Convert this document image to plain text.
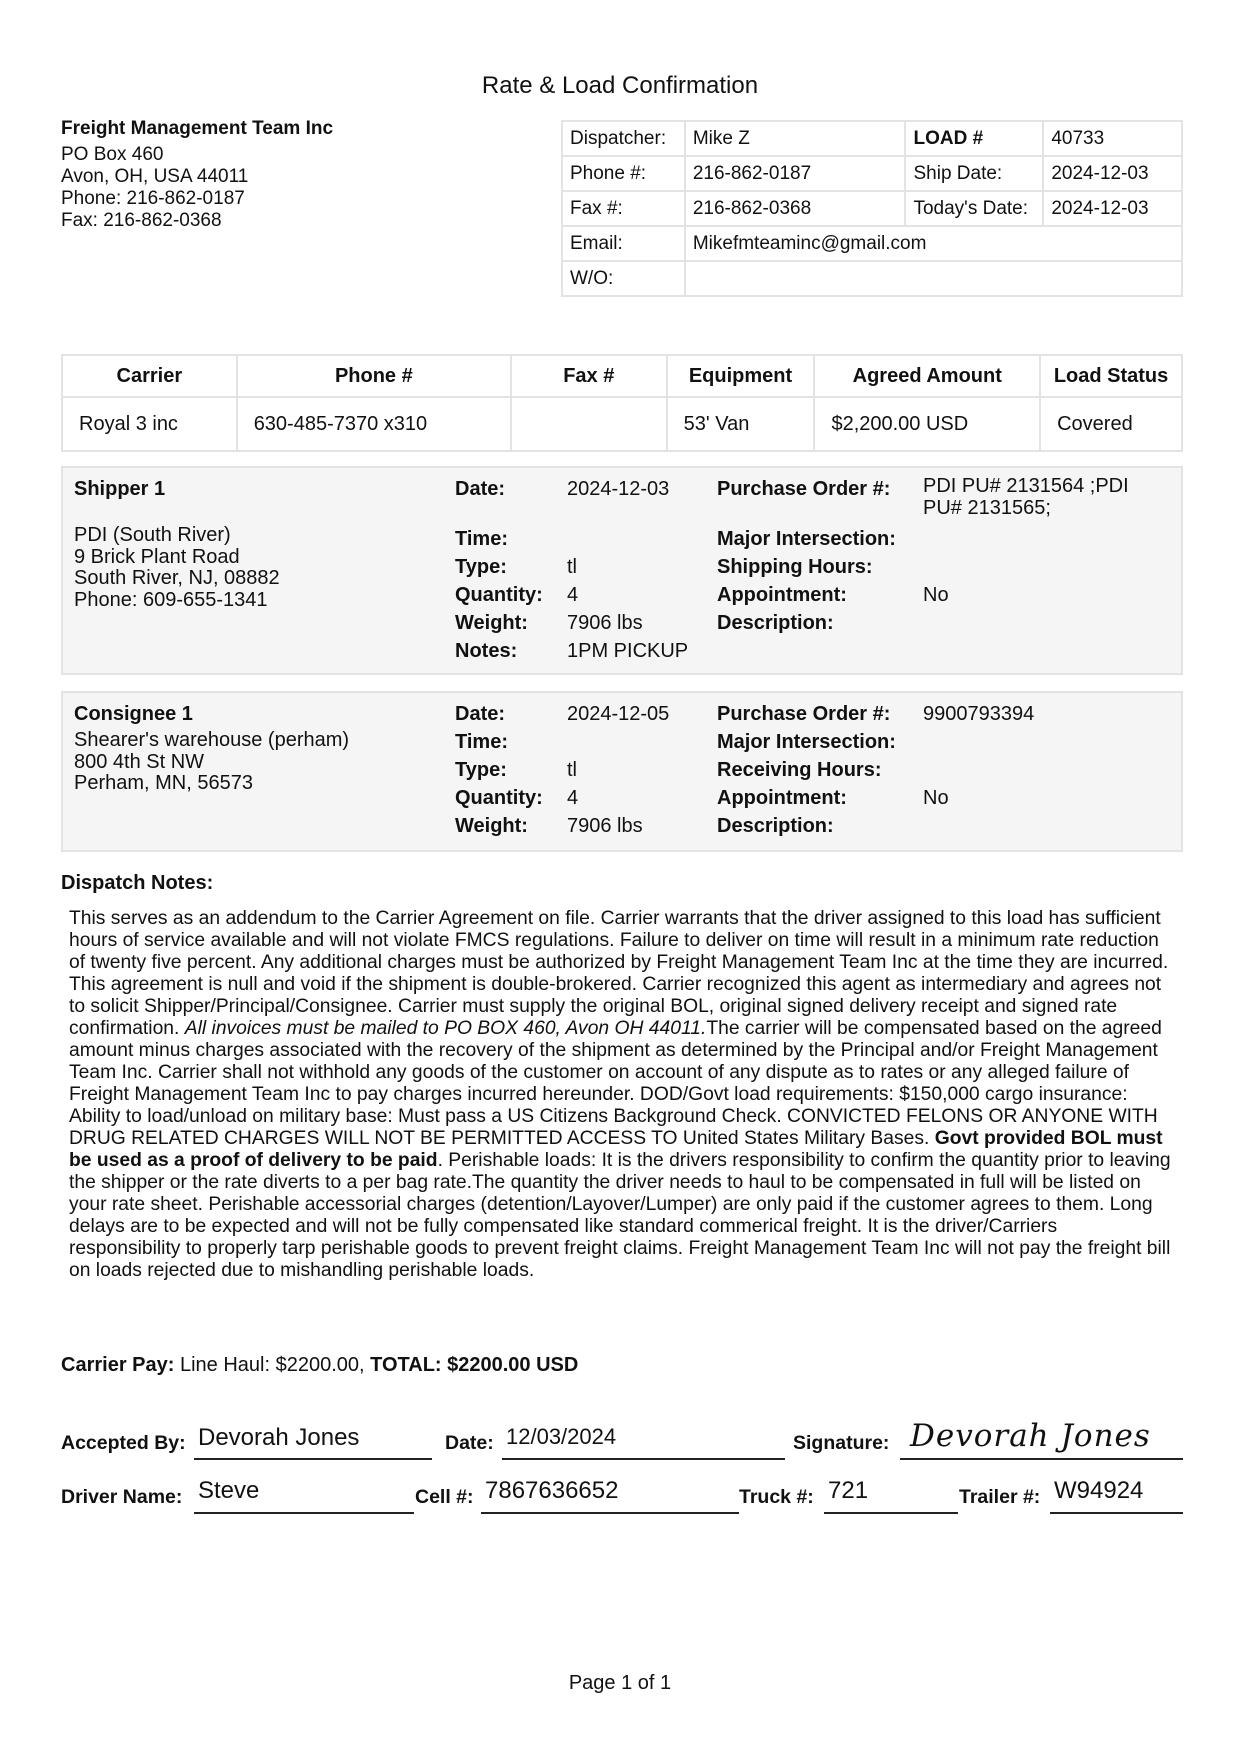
Rate & Load Confirmation
Freight Management Team Inc
PO Box 460
Avon, OH, USA 44011
Phone: 216-862-0187
Fax: 216-862-0368
Dispatcher:	Mike Z	LOAD #	40733
Phone #:	216-862-0187	Ship Date:	2024-12-03
Fax #:	216-862-0368	Today's Date:	2024-12-03
Email:	Mikefmteaminc@gmail.com		
W/O:			
Carrier	Phone #	Fax #	Equipment	Agreed Amount	Load Status
Royal 3 inc	630-485-7370 x310		53' Van	$2,200.00 USD	Covered
Shipper 1
PDI (South River)
9 Brick Plant Road
South River, NJ, 08882
Phone: 609-655-1341
Date:	2024-12-03
Time:
Type:	tl
Quantity: 4
Weight: 7906 lbs
Notes: 1PM PICKUP
Purchase Order #: PDI PU# 2131564 ;PDI
PU# 2131565;
Major Intersection:
Shipping Hours:
Appointment:	No
Description:
Consignee 1
Shearer's warehouse (perham)
800 4th St NW
Perham, MN, 56573
Date:	2024-12-05
Time:
Type:	tl
Quantity: 4
Weight: 7906 lbs
Purchase Order #: 9900793394
Major Intersection:
Receiving Hours:
Appointment:	No
Description:
Dispatch Notes:
This serves as an addendum to the Carrier Agreement on file. Carrier warrants that the driver assigned to this load has sufficient hours of service available and will not violate FMCS regulations. Failure to deliver on time will result in a minimum rate reduction of twenty five percent. Any additional charges must be authorized by Freight Management Team Inc at the time they are incurred. This agreement is null and void if the shipment is double-brokered. Carrier recognized this agent as intermediary and agrees not to solicit Shipper/Principal/Consignee. Carrier must supply the original BOL, original signed delivery receipt and signed rate confirmation. All invoices must be mailed to PO BOX 460, Avon OH 44011.The carrier will be compensated based on the agreed amount minus charges associated with the recovery of the shipment as determined by the Principal and/or Freight Management Team Inc. Carrier shall not withhold any goods of the customer on account of any dispute as to rates or any alleged failure of Freight Management Team Inc to pay charges incurred hereunder. DOD/Govt load requirements: $150,000 cargo insurance: Ability to load/unload on military base: Must pass a US Citizens Background Check. CONVICTED FELONS OR ANYONE WITH DRUG RELATED CHARGES WILL NOT BE PERMITTED ACCESS TO United States Military Bases. Govt provided BOL must be used as a proof of delivery to be paid. Perishable loads: It is the drivers responsibility to confirm the quantity prior to leaving the shipper or the rate diverts to a per bag rate.The quantity the driver needs to haul to be compensated in full will be listed on your rate sheet. Perishable accessorial charges (detention/Layover/Lumper) are only paid if the customer agrees to them. Long delays are to be expected and will not be fully compensated like standard commerical freight. It is the driver/Carriers responsibility to properly tarp perishable goods to prevent freight claims. Freight Management Team Inc will not pay the freight bill on loads rejected due to mishandling perishable loads.
Carrier Pay: Line Haul: $2200.00, TOTAL: $2200.00 USD
Accepted By: Devorah Jones	Date: 12/03/2024	Signature: Devorah Jones
Driver Name: Steve	Cell #: 7867636652	Truck #: 721	Trailer #: W94924
Page 1 of 1
